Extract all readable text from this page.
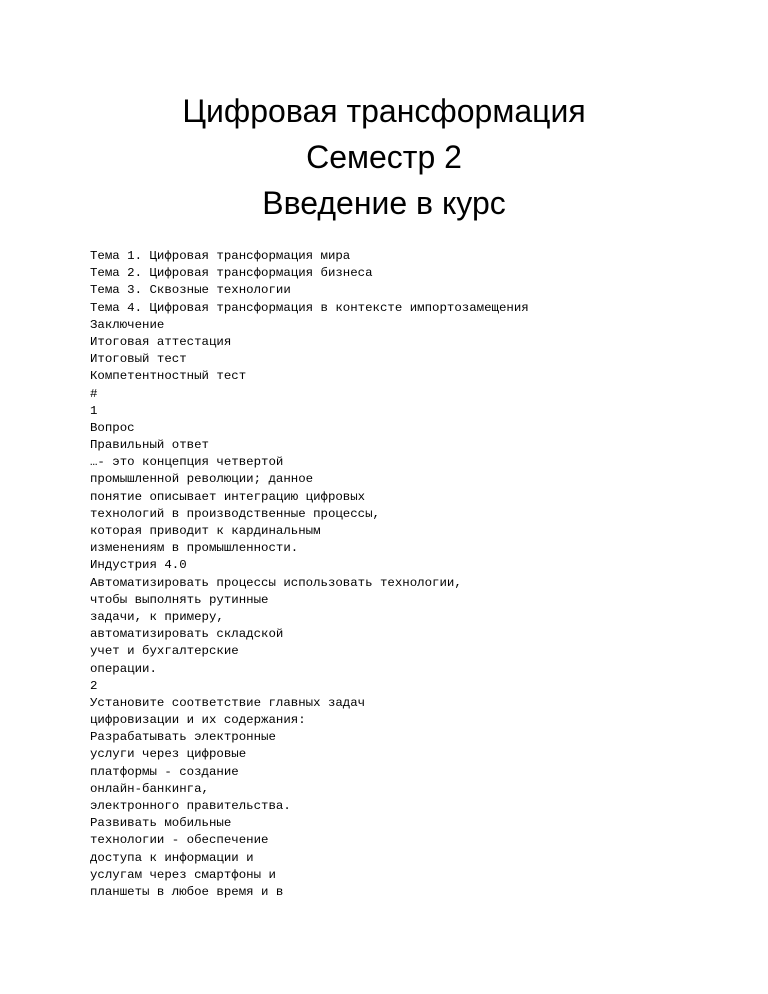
Цифровая трансформация
Семестр 2
Введение в курс
Тема 1. Цифровая трансформация мира
Тема 2. Цифровая трансформация бизнеса
Тема 3. Сквозные технологии
Тема 4. Цифровая трансформация в контексте импортозамещения
Заключение
Итоговая аттестация
Итоговый тест
Компетентностный тест
#
1
Вопрос
Правильный ответ
…- это концепция четвертой
промышленной революции; данное
понятие описывает интеграцию цифровых
технологий в производственные процессы,
которая приводит к кардинальным
изменениям в промышленности.
Индустрия 4.0
Автоматизировать процессы использовать технологии,
чтобы выполнять рутинные
задачи, к примеру,
автоматизировать складской
учет и бухгалтерские
операции.
2
Установите соответствие главных задач
цифровизации и их содержания:
Разрабатывать электронные
услуги через цифровые
платформы - создание
онлайн-банкинга,
электронного правительства.
Развивать мобильные
технологии - обеспечение
доступа к информации и
услугам через смартфоны и
планшеты в любое время и в
